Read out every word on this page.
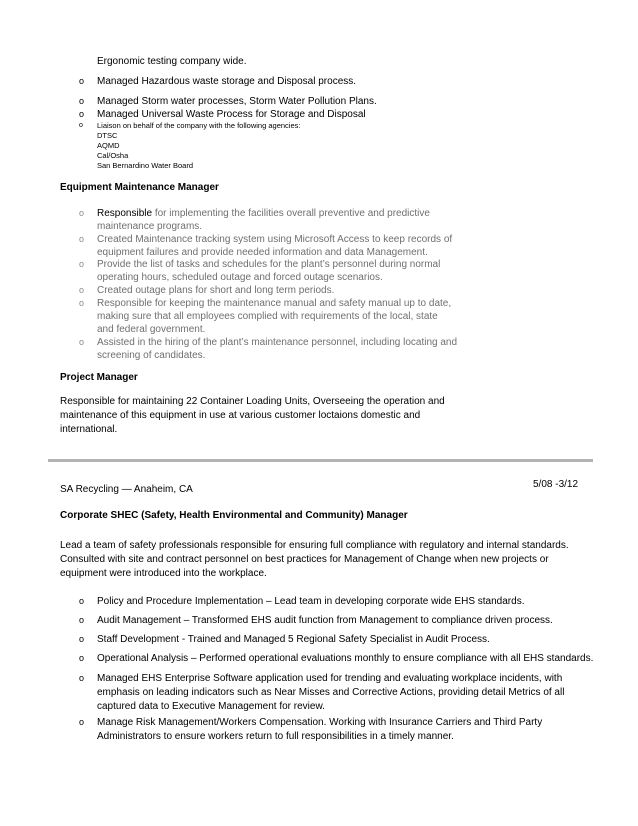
Ergonomic testing company wide.
o Managed Hazardous waste storage and Disposal process.
o Managed Storm water processes, Storm Water Pollution Plans.
o Managed Universal Waste Process for Storage and Disposal
o Liaison on behalf of the company with the following agencies:
DTSC
AQMD
Cal/Osha
San Bernardino Water Board
Equipment Maintenance Manager
o Responsible for implementing the facilities overall preventive and predictive
maintenance programs.
o Created Maintenance tracking system using Microsoft Access to keep records of
equipment failures and provide needed information and data Management.
o Provide the list of tasks and schedules for the plant’s personnel during normal
operating hours, scheduled outage and forced outage scenarios.
o Created outage plans for short and long term periods.
o Responsible for keeping the maintenance manual and safety manual up to date,
making sure that all employees complied with requirements of the local, state
and federal government.
o Assisted in the hiring of the plant’s maintenance personnel, including locating and
screening of candidates.
Project Manager
Responsible for maintaining 22 Container Loading Units, Overseeing the operation and
maintenance of this equipment in use at various customer loctaions domestic and
international.
SA Recycling — Anaheim, CA	5/08 -3/12
Corporate SHEC (Safety, Health Environmental and Community) Manager
Lead a team of safety professionals responsible for ensuring full compliance with regulatory and internal standards.
Consulted with site and contract personnel on best practices for Management of Change when new projects or
equipment were introduced into the workplace.
o Policy and Procedure Implementation – Lead team in developing corporate wide EHS standards.
o Audit Management – Transformed EHS audit function from Management to compliance driven process.
o Staff Development - Trained and Managed 5 Regional Safety Specialist in Audit Process.
o Operational Analysis – Performed operational evaluations monthly to ensure compliance with all EHS standards.
o Managed EHS Enterprise Software application used for trending and evaluating workplace incidents, with
emphasis on leading indicators such as Near Misses and Corrective Actions, providing detail Metrics of all
captured data to Executive Management for review.
o Manage Risk Management/Workers Compensation. Working with Insurance Carriers and Third Party
Administrators to ensure workers return to full responsibilities in a timely manner.
